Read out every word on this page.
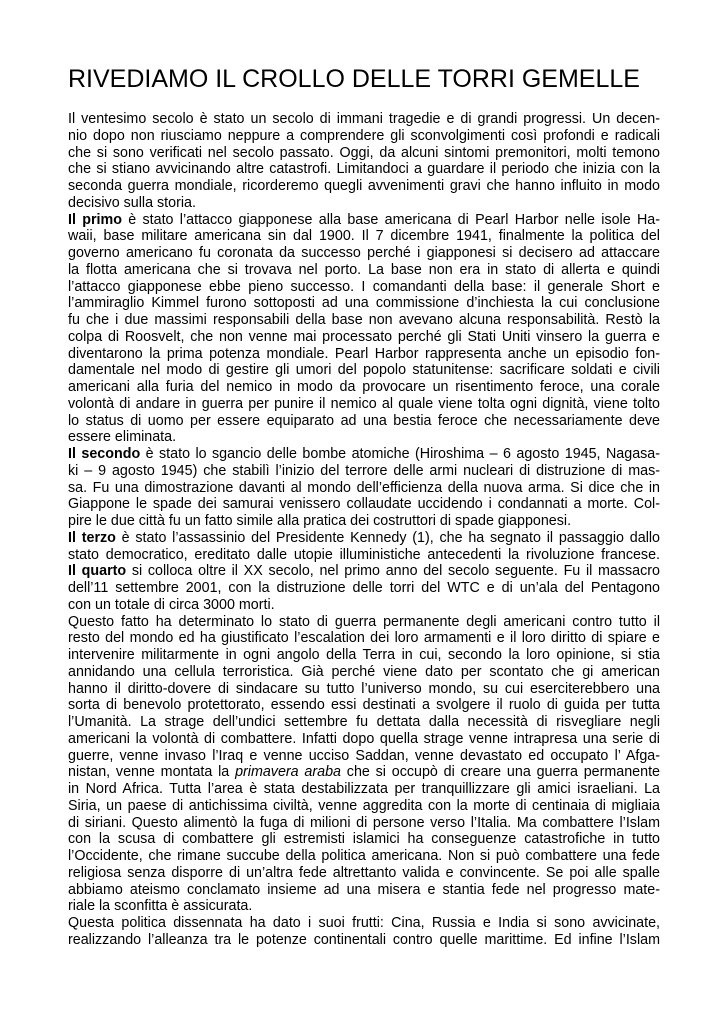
RIVEDIAMO IL CROLLO DELLE TORRI GEMELLE
Il ventesimo secolo è stato un secolo di immani tragedie e di grandi progressi. Un decen-
nio dopo non riusciamo neppure a comprendere gli sconvolgimenti così profondi e radicali
che si sono verificati nel secolo passato. Oggi, da alcuni sintomi premonitori, molti temono
che si stiano avvicinando altre catastrofi. Limitandoci a guardare il periodo che inizia con la
seconda guerra mondiale, ricorderemo quegli avvenimenti gravi che hanno influito in modo
decisivo sulla storia.
Il primo è stato l’attacco giapponese alla base americana di Pearl Harbor nelle isole Ha-
waii, base militare americana sin dal 1900. Il 7 dicembre 1941, finalmente la politica del
governo americano fu coronata da successo perché i giapponesi si decisero ad attaccare
la flotta americana che si trovava nel porto. La base non era in stato di allerta e quindi
l’attacco giapponese ebbe pieno successo. I comandanti della base: il generale Short e
l’ammiraglio Kimmel furono sottoposti ad una commissione d’inchiesta la cui conclusione
fu che i due massimi responsabili della base non avevano alcuna responsabilità. Restò la
colpa di Roosvelt, che non venne mai processato perché gli Stati Uniti vinsero la guerra e
diventarono la prima potenza mondiale. Pearl Harbor rappresenta anche un episodio fon-
damentale nel modo di gestire gli umori del popolo statunitense: sacrificare soldati e civili
americani alla furia del nemico in modo da provocare un risentimento feroce, una corale
volontà di andare in guerra per punire il nemico al quale viene tolta ogni dignità, viene tolto
lo status di uomo per essere equiparato ad una bestia feroce che necessariamente deve
essere eliminata.
Il secondo è stato lo sgancio delle bombe atomiche (Hiroshima – 6 agosto 1945, Nagasa-
ki – 9 agosto 1945) che stabilì l’inizio del terrore delle armi nucleari di distruzione di mas-
sa. Fu una dimostrazione davanti al mondo dell’efficienza della nuova arma. Si dice che in
Giappone le spade dei samurai venissero collaudate uccidendo i condannati a morte. Col-
pire le due città fu un fatto simile alla pratica dei costruttori di spade giapponesi.
Il terzo è stato l’assassinio del Presidente Kennedy (1), che ha segnato il passaggio dallo
stato democratico, ereditato dalle utopie illuministiche antecedenti la rivoluzione francese.
Il quarto si colloca oltre il XX secolo, nel primo anno del secolo seguente. Fu il massacro
dell’11 settembre 2001, con la distruzione delle torri del WTC e di un’ala del Pentagono
con un totale di circa 3000 morti.
Questo fatto ha determinato lo stato di guerra permanente degli americani contro tutto il
resto del mondo ed ha giustificato l’escalation dei loro armamenti e il loro diritto di spiare e
intervenire militarmente in ogni angolo della Terra in cui, secondo la loro opinione, si stia
annidando una cellula terroristica. Già perché viene dato per scontato che gi american
hanno il diritto-dovere di sindacare su tutto l’universo mondo, su cui eserciterebbero una
sorta di benevolo protettorato, essendo essi destinati a svolgere il ruolo di guida per tutta
l’Umanità. La strage dell’undici settembre fu dettata dalla necessità di risvegliare negli
americani la volontà di combattere. Infatti dopo quella strage venne intrapresa una serie di
guerre, venne invaso l’Iraq e venne ucciso Saddan, venne devastato ed occupato l’ Afga-
nistan, venne montata la primavera araba che si occupò di creare una guerra permanente
in Nord Africa. Tutta l’area è stata destabilizzata per tranquillizzare gli amici israeliani. La
Siria, un paese di antichissima civiltà, venne aggredita con la morte di centinaia di migliaia
di siriani. Questo alimentò la fuga di milioni di persone verso l’Italia. Ma combattere l’Islam
con la scusa di combattere gli estremisti islamici ha conseguenze catastrofiche in tutto
l’Occidente, che rimane succube della politica americana. Non si può combattere una fede
religiosa senza disporre di un’altra fede altrettanto valida e convincente. Se poi alle spalle
abbiamo ateismo conclamato insieme ad una misera e stantia fede nel progresso mate-
riale la sconfitta è assicurata.
Questa politica dissennata ha dato i suoi frutti: Cina, Russia e India si sono avvicinate,
realizzando l’alleanza tra le potenze continentali contro quelle marittime. Ed infine l’Islam
